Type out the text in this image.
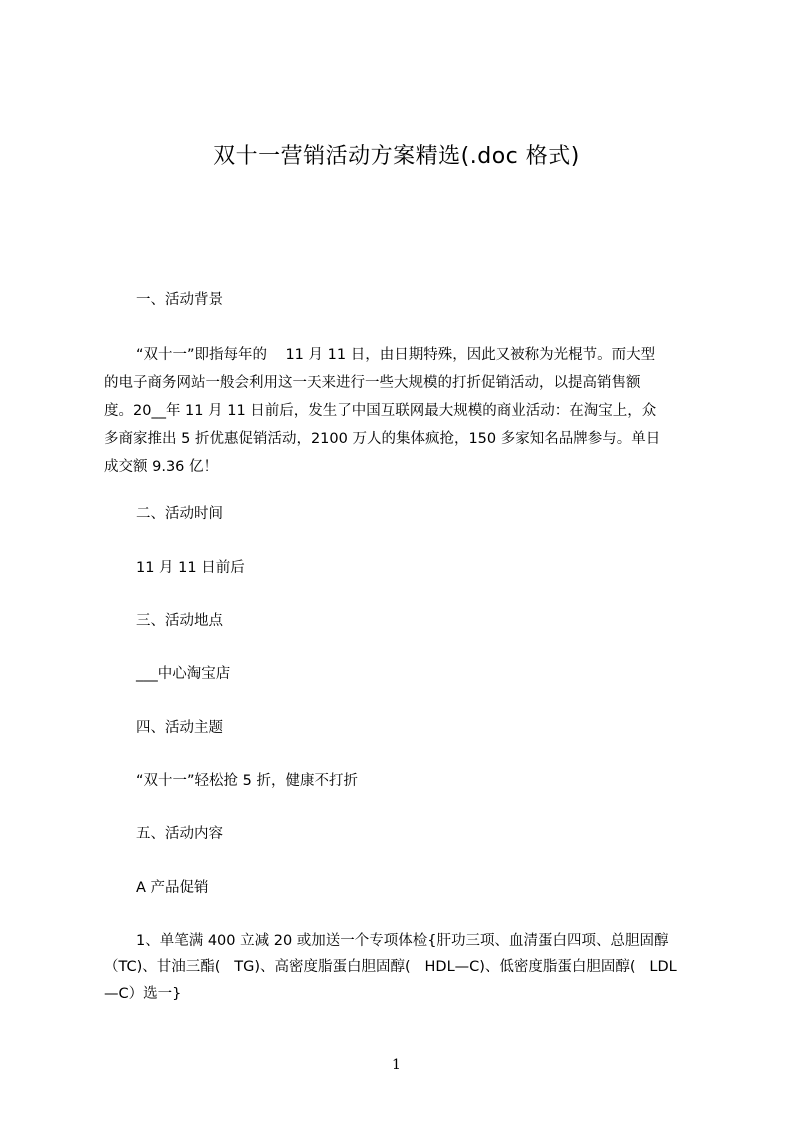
双十一营销活动方案精选(.doc 格式)
一、活动背景
“双十一”即指每年的    11 月 11 日，由日期特殊，因此又被称为光棍节。而大型
的电子商务网站一般会利用这一天来进行一些大规模的打折促销活动，以提高销售额
度。20__年 11 月 11 日前后，发生了中国互联网最大规模的商业活动：在淘宝上，众
多商家推出 5 折优惠促销活动，2100 万人的集体疯抢，150 多家知名品牌参与。单日
成交额 9.36 亿！
二、活动时间
11 月 11 日前后
三、活动地点
___中心淘宝店
四、活动主题
“双十一”轻松抢 5 折，健康不打折
五、活动内容
A 产品促销
1、单笔满 400 立减 20 或加送一个专项体检{肝功三项、血清蛋白四项、总胆固醇
（TC)、甘油三酯(   TG)、高密度脂蛋白胆固醇(   HDL—C)、低密度脂蛋白胆固醇(   LDL
—C）选一}
1
